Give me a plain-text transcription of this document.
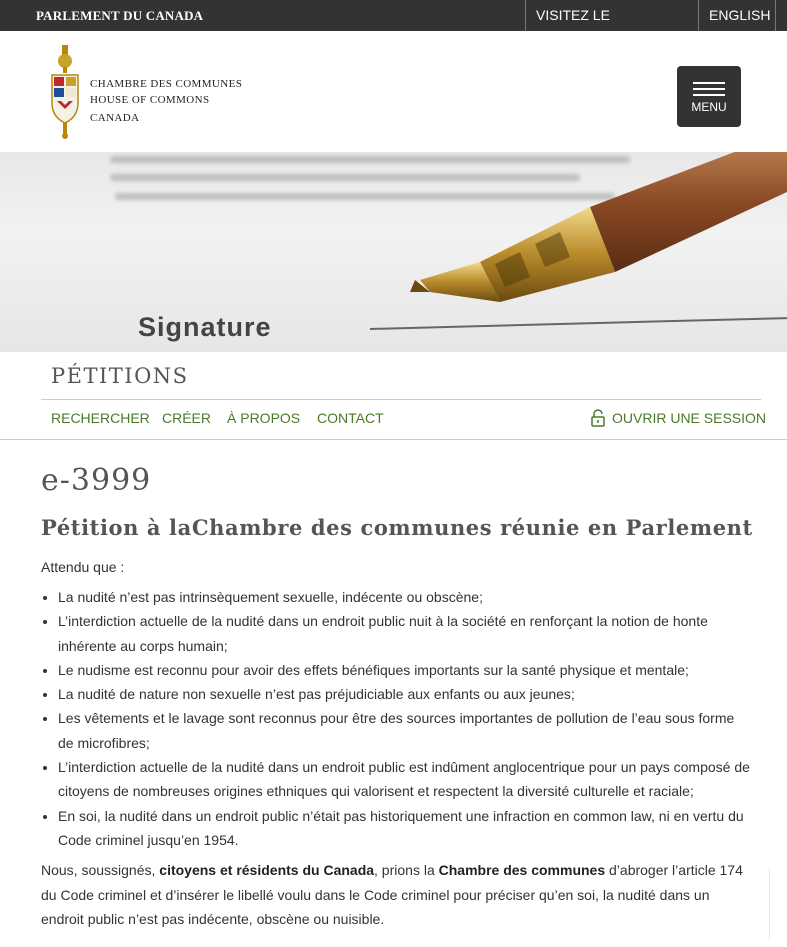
PARLEMENT DU CANADA	VISITEZ LE	ENGLISH
CHAMBRE DES COMMUNES
HOUSE OF COMMONS
CANADA
MENU
Signature
PÉTITIONS
RECHERCHER CRÉER À PROPOS CONTACT	OUVRIR UNE SESSION
e-3999
Pétition à laChambre des communes réunie en Parlement
Attendu que :
• La nudité n’est pas intrinsèquement sexuelle, indécente ou obscène;
• L’interdiction actuelle de la nudité dans un endroit public nuit à la société en renforçant la notion de honte inhérente au corps humain;
• Le nudisme est reconnu pour avoir des effets bénéfiques importants sur la santé physique et mentale;
• La nudité de nature non sexuelle n’est pas préjudiciable aux enfants ou aux jeunes;
• Les vêtements et le lavage sont reconnus pour être des sources importantes de pollution de l’eau sous forme de microfibres;
• L’interdiction actuelle de la nudité dans un endroit public est indûment anglocentrique pour un pays composé de citoyens de nombreuses origines ethniques qui valorisent et respectent la diversité culturelle et raciale;
• En soi, la nudité dans un endroit public n’était pas historiquement une infraction en common law, ni en vertu du Code criminel jusqu’en 1954.
Nous, soussignés, citoyens et résidents du Canada, prions la Chambre des communes d’abroger l’article 174 du Code criminel et d’insérer le libellé voulu dans le Code criminel pour préciser qu’en soi, la nudité dans un endroit public n’est pas indécente, obscène ou nuisible.
